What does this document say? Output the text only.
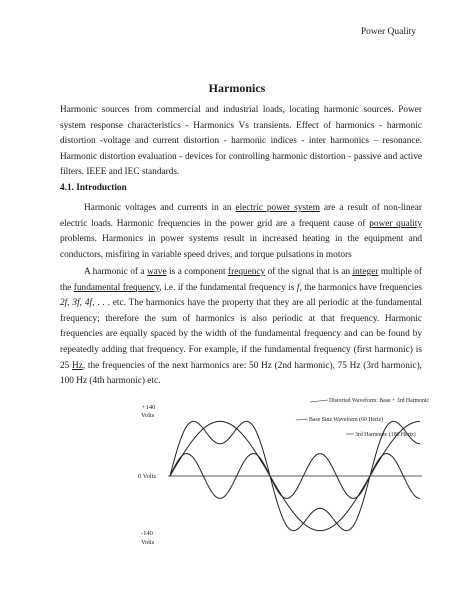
Power Quality
Harmonics

Harmonic sources from commercial and industrial loads, locating harmonic sources. Power system response characteristics - Harmonics Vs transients. Effect of harmonics - harmonic distortion -voltage and current distortion - harmonic indices - inter harmonics – resonance. Harmonic distortion evaluation - devices for controlling harmonic distortion - passive and active filters. IEEE and IEC standards.

4.1. Introduction

Harmonic voltages and currents in an electric power system are a result of non-linear electric loads. Harmonic frequencies in the power grid are a frequent cause of power quality problems. Harmonics in power systems result in increased heating in the equipment and conductors, misfiring in variable speed drives, and torque pulsations in motors

A harmonic of a wave is a component frequency of the signal that is an integer multiple of the fundamental frequency, i.e. if the fundamental frequency is f, the harmonics have frequencies 2f, 3f, 4f, . . . etc. The harmonics have the property that they are all periodic at the fundamental frequency; therefore the sum of harmonics is also periodic at that frequency. Harmonic frequencies are equally spaced by the width of the fundamental frequency and can be found by repeatedly adding that frequency. For example, if the fundamental frequency (first harmonic) is 25 Hz, the frequencies of the next harmonics are: 50 Hz (2nd harmonic), 75 Hz (3rd harmonic), 100 Hz (4th harmonic) etc.

+140
Volts
0 Volts
-140
Volts
Distorted Waveform: Base + 3rd Harmonic
Base Sine Waveform (60 Hertz)
3rd Harmonic (180 Hertz)
